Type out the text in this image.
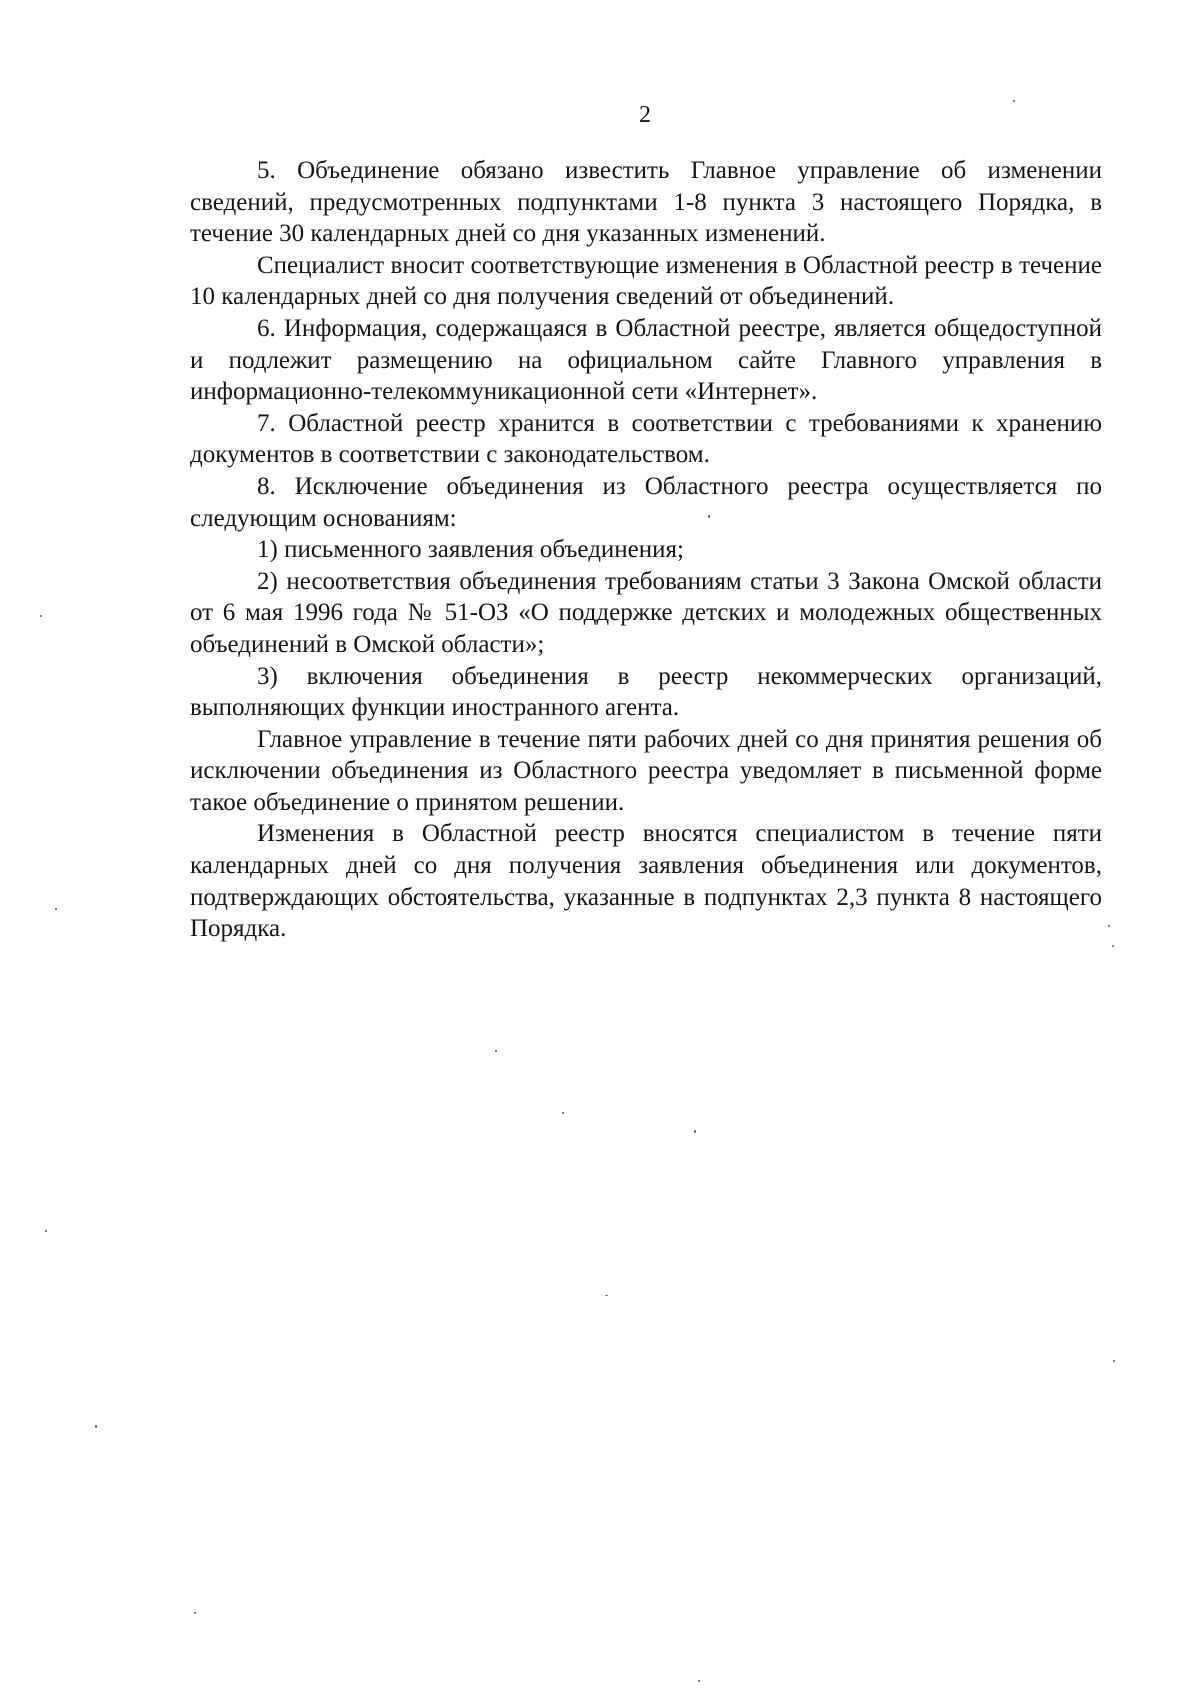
2

5. Объединение обязано известить Главное управление об изменении сведений, предусмотренных подпунктами 1-8 пункта 3 настоящего Порядка, в течение 30 календарных дней со дня указанных изменений.

Специалист вносит соответствующие изменения в Областной реестр в течение 10 календарных дней со дня получения сведений от объединений.

6. Информация, содержащаяся в Областной реестре, является общедоступной и подлежит размещению на официальном сайте Главного управления в информационно-телекоммуникационной сети «Интернет».

7. Областной реестр хранится в соответствии с требованиями к хранению документов в соответствии с законодательством.

8. Исключение объединения из Областного реестра осуществляется по следующим основаниям:

1) письменного заявления объединения;

2) несоответствия объединения требованиям статьи 3 Закона Омской области от 6 мая 1996 года № 51-ОЗ «О поддержке детских и молодежных общественных объединений в Омской области»;

3) включения объединения в реестр некоммерческих организаций, выполняющих функции иностранного агента.

Главное управление в течение пяти рабочих дней со дня принятия решения об исключении объединения из Областного реестра уведомляет в письменной форме такое объединение о принятом решении.

Изменения в Областной реестр вносятся специалистом в течение пяти календарных дней со дня получения заявления объединения или документов, подтверждающих обстоятельства, указанные в подпунктах 2,3 пункта 8 настоящего Порядка.
